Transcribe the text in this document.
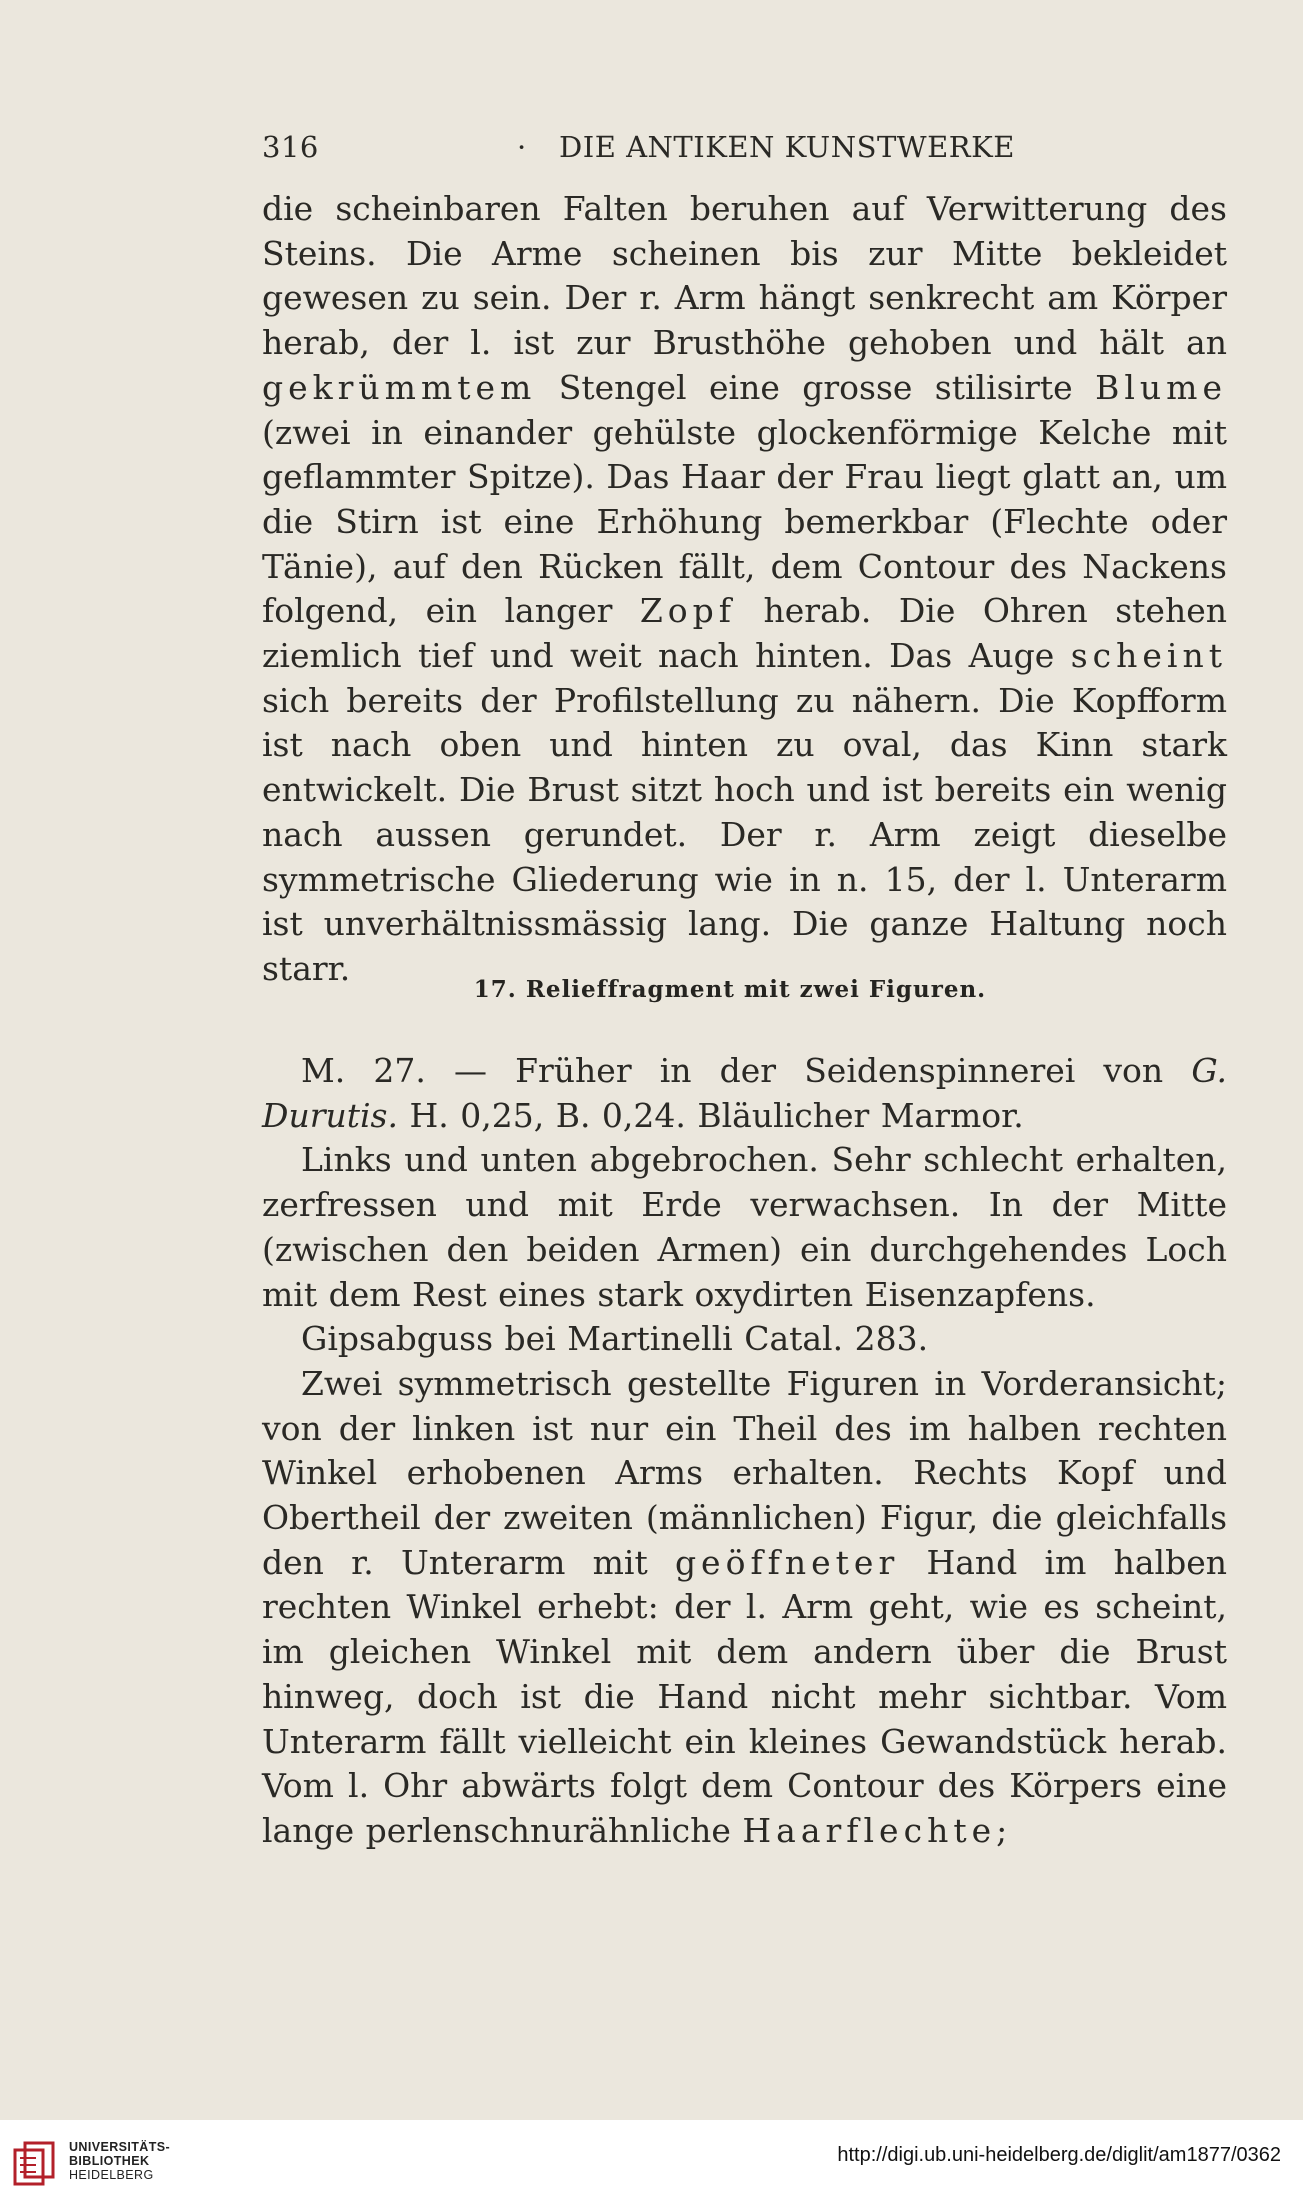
316	· DIE ANTIKEN KUNSTWERKE

die scheinbaren Falten beruhen auf Verwitterung des Steins. Die Arme scheinen bis zur Mitte bekleidet gewesen zu sein. Der r. Arm hängt senkrecht am Körper herab, der l. ist zur Brusthöhe gehoben und hält an gekrümmtem Stengel eine grosse stilisirte Blume (zwei in einander gehülste glockenförmige Kelche mit geflammter Spitze). Das Haar der Frau liegt glatt an, um die Stirn ist eine Erhöhung bemerkbar (Flechte oder Tänie), auf den Rücken fällt, dem Contour des Nackens folgend, ein langer Zopf herab. Die Ohren stehen ziemlich tief und weit nach hinten. Das Auge scheint sich bereits der Profilstellung zu nähern. Die Kopfform ist nach oben und hinten zu oval, das Kinn stark entwickelt. Die Brust sitzt hoch und ist bereits ein wenig nach aussen gerundet. Der r. Arm zeigt dieselbe symmetrische Gliederung wie in n. 15, der l. Unterarm ist unverhältnissmässig lang. Die ganze Haltung noch starr.

17. Relieffragment mit zwei Figuren.

M. 27. — Früher in der Seidenspinnerei von G. Durutis. H. 0,25, B. 0,24. Bläulicher Marmor.

Links und unten abgebrochen. Sehr schlecht erhalten, zerfressen und mit Erde verwachsen. In der Mitte (zwischen den beiden Armen) ein durchgehendes Loch mit dem Rest eines stark oxydirten Eisenzapfens.

Gipsabguss bei Martinelli Catal. 283.

Zwei symmetrisch gestellte Figuren in Vorderansicht; von der linken ist nur ein Theil des im halben rechten Winkel erhobenen Arms erhalten. Rechts Kopf und Obertheil der zweiten (männlichen) Figur, die gleichfalls den r. Unterarm mit geöffneter Hand im halben rechten Winkel erhebt: der l. Arm geht, wie es scheint, im gleichen Winkel mit dem andern über die Brust hinweg, doch ist die Hand nicht mehr sichtbar. Vom Unterarm fällt vielleicht ein kleines Gewandstück herab. Vom l. Ohr abwärts folgt dem Contour des Körpers eine lange perlenschnurähnliche Haarflechte;

UNIVERSITÄTS-
BIBLIOTHEK
HEIDELBERG
http://digi.ub.uni-heidelberg.de/diglit/am1877/0362
